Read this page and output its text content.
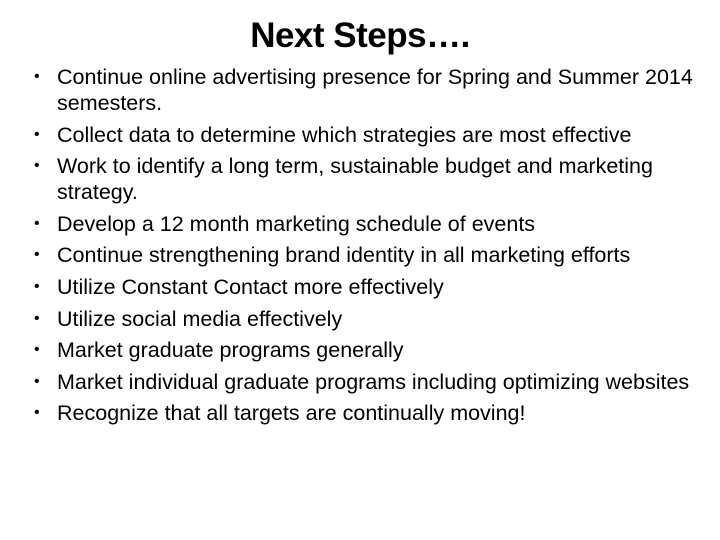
Next Steps….
• Continue online advertising presence for Spring and Summer 2014 semesters.
• Collect data to determine which strategies are most effective
• Work to identify a long term, sustainable budget and marketing strategy.
• Develop a 12 month marketing schedule of events
• Continue strengthening brand identity in all marketing efforts
• Utilize Constant Contact more effectively
• Utilize social media effectively
• Market graduate programs generally
• Market individual graduate programs including optimizing websites
• Recognize that all targets are continually moving!
